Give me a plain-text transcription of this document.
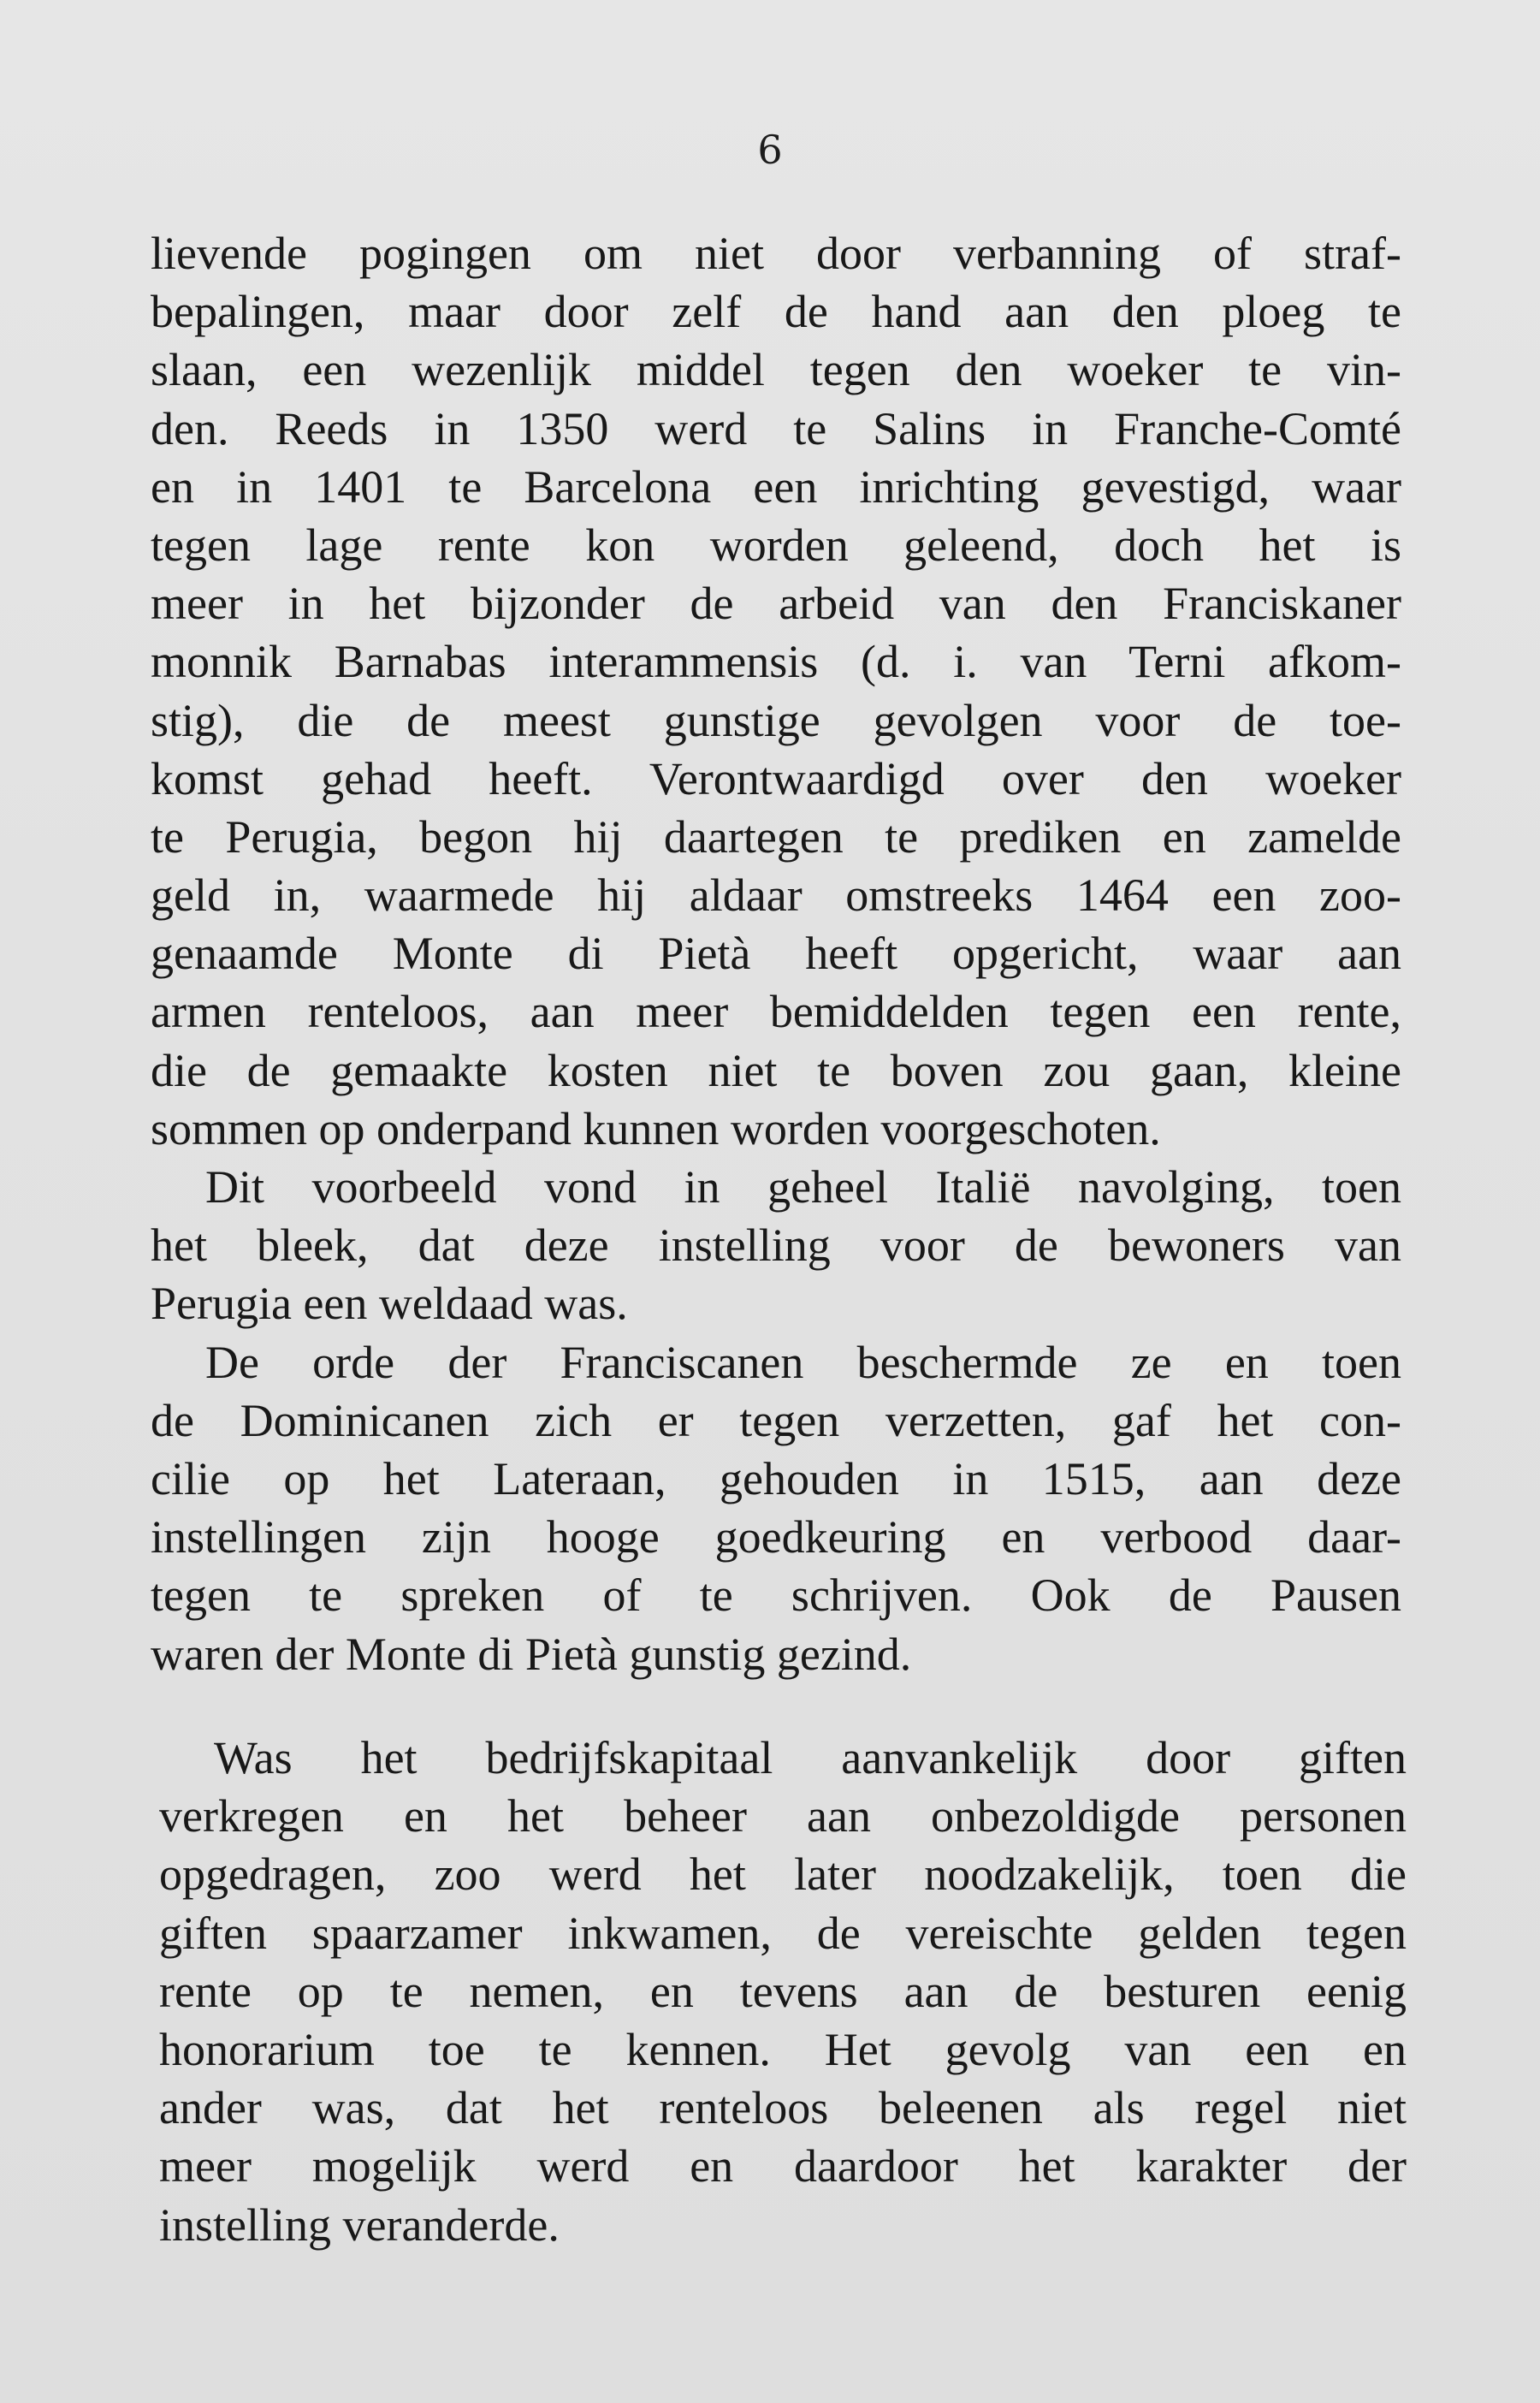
6
lievende pogingen om niet door verbanning of straf-
bepalingen, maar door zelf de hand aan den ploeg te
slaan, een wezenlijk middel tegen den woeker te vin-
den. Reeds in 1350 werd te Salins in Franche-Comté
en in 1401 te Barcelona een inrichting gevestigd, waar
tegen lage rente kon worden geleend, doch het is
meer in het bijzonder de arbeid van den Franciskaner
monnik Barnabas interammensis (d. i. van Terni afkom-
stig), die de meest gunstige gevolgen voor de toe-
komst gehad heeft. Verontwaardigd over den woeker
te Perugia, begon hij daartegen te prediken en zamelde
geld in, waarmede hij aldaar omstreeks 1464 een zoo-
genaamde Monte di Pietà heeft opgericht, waar aan
armen renteloos, aan meer bemiddelden tegen een rente,
die de gemaakte kosten niet te boven zou gaan, kleine
sommen op onderpand kunnen worden voorgeschoten.
Dit voorbeeld vond in geheel Italië navolging, toen
het bleek, dat deze instelling voor de bewoners van
Perugia een weldaad was.
De orde der Franciscanen beschermde ze en toen
de Dominicanen zich er tegen verzetten, gaf het con-
cilie op het Lateraan, gehouden in 1515, aan deze
instellingen zijn hooge goedkeuring en verbood daar-
tegen te spreken of te schrijven. Ook de Pausen
waren der Monte di Pietà gunstig gezind.
Was het bedrijfskapitaal aanvankelijk door giften
verkregen en het beheer aan onbezoldigde personen
opgedragen, zoo werd het later noodzakelijk, toen die
giften spaarzamer inkwamen, de vereischte gelden tegen
rente op te nemen, en tevens aan de besturen eenig
honorarium toe te kennen. Het gevolg van een en
ander was, dat het renteloos beleenen als regel niet
meer mogelijk werd en daardoor het karakter der
instelling veranderde.
